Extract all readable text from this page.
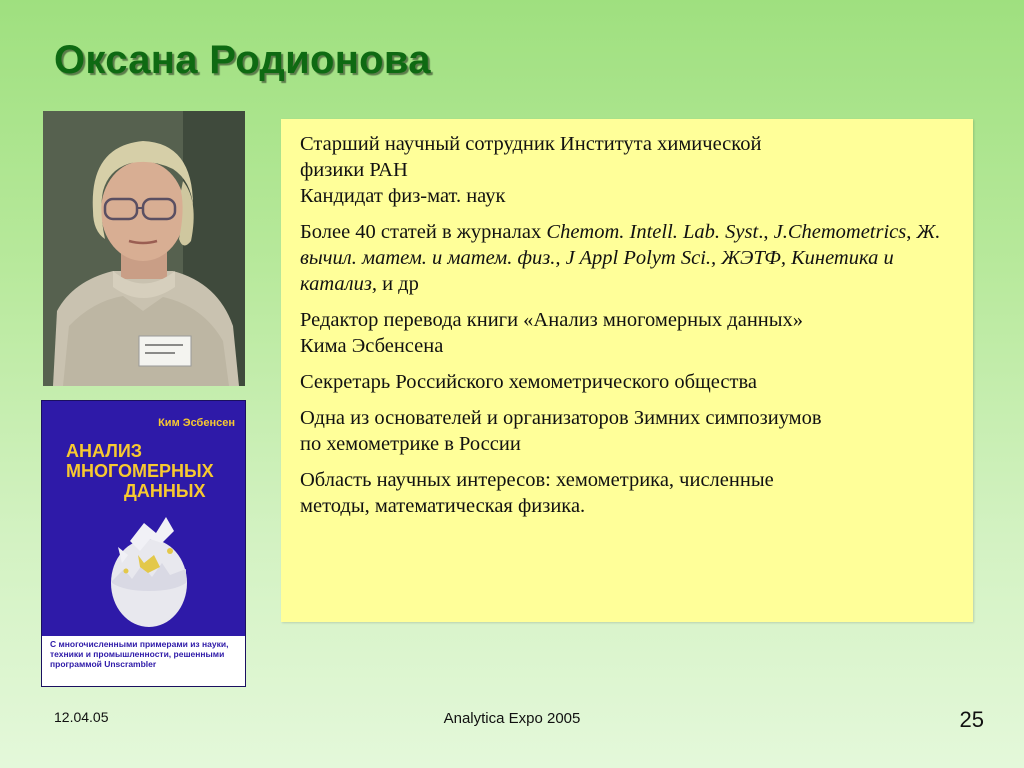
Оксана Родионова
Ким Эсбенсен
АНАЛИЗ
МНОГОМЕРНЫХ
ДАННЫХ
С многочисленными примерами из науки,
техники и промышленности, решенными
программой Unscrambler

Старший научный сотрудник Института химической
физики РАН
Кандидат физ-мат. наук

Более 40 статей в журналах Chemom. Intell. Lab. Syst., J.Chemometrics, Ж. вычил. матем. и матем. физ., J Appl Polym Sci., ЖЭТФ, Кинетика и катализ, и др

Редактор перевода книги «Анализ многомерных данных»
Кима Эсбенсена

Секретарь Российского хемометрического общества

Одна из основателей и организаторов Зимних симпозиумов
по хемометрике в России

Область научных интересов: хемометрика, численные
методы, математическая физика.

12.04.05	Analytica Expo 2005	25
